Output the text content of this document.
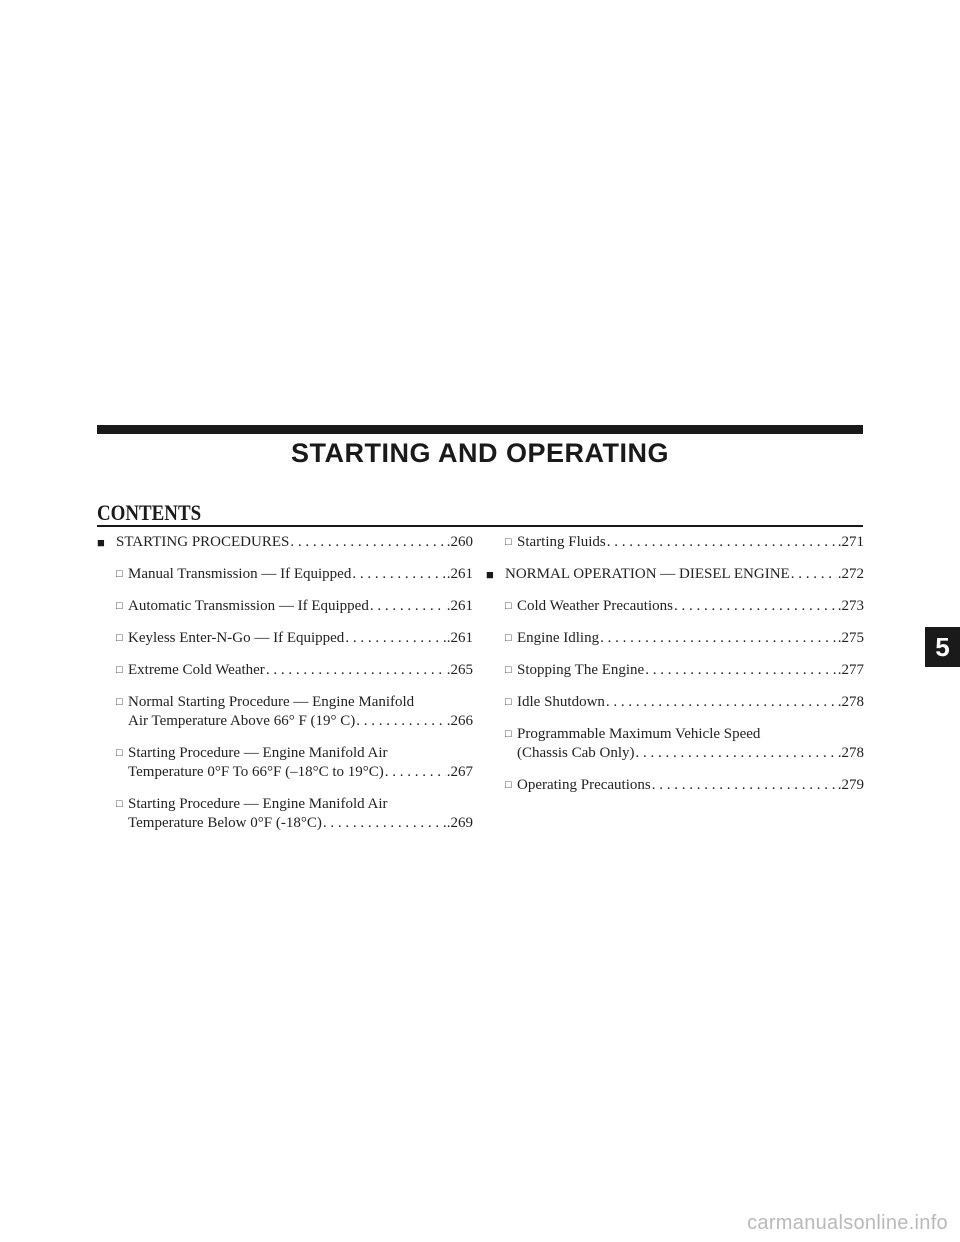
STARTING AND OPERATING
CONTENTS
■ STARTING PROCEDURES . . .	.260
□ Manual Transmission — If Equipped . . .	.261
□ Automatic Transmission — If Equipped . . .	.261
□ Keyless Enter-N-Go — If Equipped . . .	.261
□ Extreme Cold Weather . . .	.265
□ Normal Starting Procedure — Engine Manifold
Air Temperature Above 66° F (19° C) . . .	.266
□ Starting Procedure — Engine Manifold Air
Temperature 0°F To 66°F (–18°C to 19°C) . . .	.267
□ Starting Procedure — Engine Manifold Air
Temperature Below 0°F (-18°C) . . .	.269
□ Starting Fluids . . .	.271
■ NORMAL OPERATION — DIESEL ENGINE . . .	.272
□ Cold Weather Precautions . . .	.273
□ Engine Idling . . .	.275
□ Stopping The Engine . . .	.277
□ Idle Shutdown . . .	.278
□ Programmable Maximum Vehicle Speed
(Chassis Cab Only) . . .	.278
□ Operating Precautions . . .	.279
5
carmanualsonline.info
